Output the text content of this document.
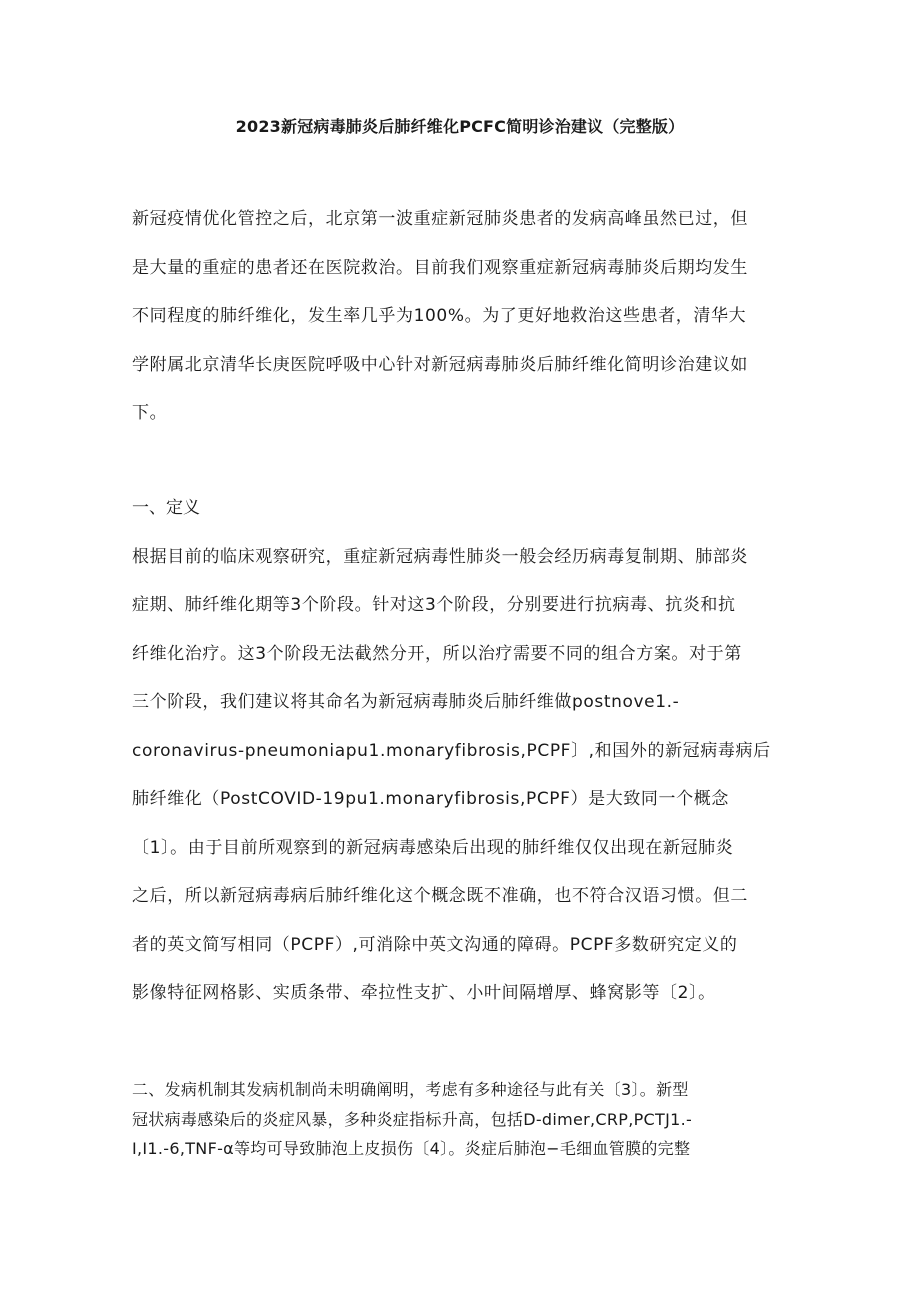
2023新冠病毒肺炎后肺纤维化PCFC简明诊治建议（完整版）
新冠疫情优化管控之后，北京第一波重症新冠肺炎患者的发病高峰虽然已过，但
是大量的重症的患者还在医院救治。目前我们观察重症新冠病毒肺炎后期均发生
不同程度的肺纤维化，发生率几乎为100%。为了更好地救治这些患者，清华大
学附属北京清华长庚医院呼吸中心针对新冠病毒肺炎后肺纤维化简明诊治建议如
下。
一、定义
根据目前的临床观察研究，重症新冠病毒性肺炎一般会经历病毒复制期、肺部炎
症期、肺纤维化期等3个阶段。针对这3个阶段，分别要进行抗病毒、抗炎和抗
纤维化治疗。这3个阶段无法截然分开，所以治疗需要不同的组合方案。对于第
三个阶段，我们建议将其命名为新冠病毒肺炎后肺纤维做postnove1.-
coronavirus-pneumoniapu1.monaryfibrosis,PCPF〕,和国外的新冠病毒病后
肺纤维化（PostCOVID-19pu1.monaryfibrosis,PCPF）是大致同一个概念
〔1〕。由于目前所观察到的新冠病毒感染后出现的肺纤维仅仅出现在新冠肺炎
之后，所以新冠病毒病后肺纤维化这个概念既不准确，也不符合汉语习惯。但二
者的英文简写相同（PCPF）,可消除中英文沟通的障碍。PCPF多数研究定义的
影像特征网格影、实质条带、牵拉性支扩、小叶间隔增厚、蜂窝影等〔2〕。
二、发病机制其发病机制尚未明确阐明，考虑有多种途径与此有关〔3〕。新型
冠状病毒感染后的炎症风暴，多种炎症指标升高，包括D-dimer,CRP,PCTJ1.-
I,I1.-6,TNF-α等均可导致肺泡上皮损伤〔4〕。炎症后肺泡−毛细血管膜的完整
